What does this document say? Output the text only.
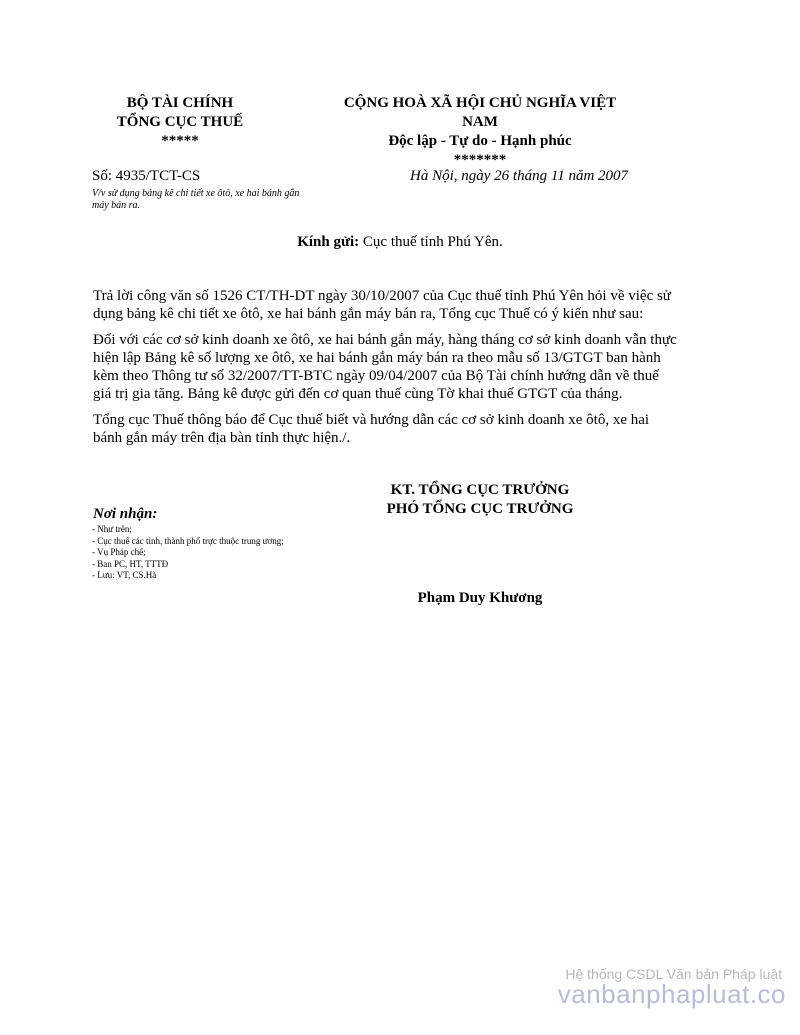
BỘ TÀI CHÍNH
TỔNG CỤC THUẾ
*****
CỘNG HOÀ XÃ HỘI CHỦ NGHĨA VIỆT
NAM
Độc lập - Tự do - Hạnh phúc
*******
Số: 4935/TCT-CS
V/v sử dụng bảng kê chi tiết xe ôtô, xe hai bánh gắn máy bán ra.
Hà Nội, ngày 26 tháng 11 năm 2007
Kính gửi: Cục thuế tỉnh Phú Yên.
Trả lời công văn số 1526 CT/TH-DT ngày 30/10/2007 của Cục thuế tỉnh Phú Yên hỏi về việc sử dụng bảng kê chi tiết xe ôtô, xe hai bánh gắn máy bán ra, Tổng cục Thuế có ý kiến như sau:
Đối với các cơ sở kinh doanh xe ôtô, xe hai bánh gắn máy, hàng tháng cơ sở kinh doanh vẫn thực hiện lập Bảng kê số lượng xe ôtô, xe hai bánh gắn máy bán ra theo mẫu số 13/GTGT ban hành kèm theo Thông tư số 32/2007/TT-BTC ngày 09/04/2007 của Bộ Tài chính hướng dẫn về thuế giá trị gia tăng. Bảng kê được gửi đến cơ quan thuế cùng Tờ khai thuế GTGT của tháng.
Tổng cục Thuế thông báo để Cục thuế biết và hướng dẫn các cơ sở kinh doanh xe ôtô, xe hai bánh gắn máy trên địa bàn tỉnh thực hiện./.
KT. TỔNG CỤC TRƯỞNG
PHÓ TỔNG CỤC TRƯỞNG
Phạm Duy Khương
Nơi nhận:
- Như trên;
- Cục thuế các tỉnh, thành phố trực thuộc trung ương;
- Vụ Pháp chế;
- Ban PC, HT, TTTĐ
- Lưu: VT, CS.Hà
Hệ thống CSDL Văn bản Pháp luật
vanbanphapluat.co
